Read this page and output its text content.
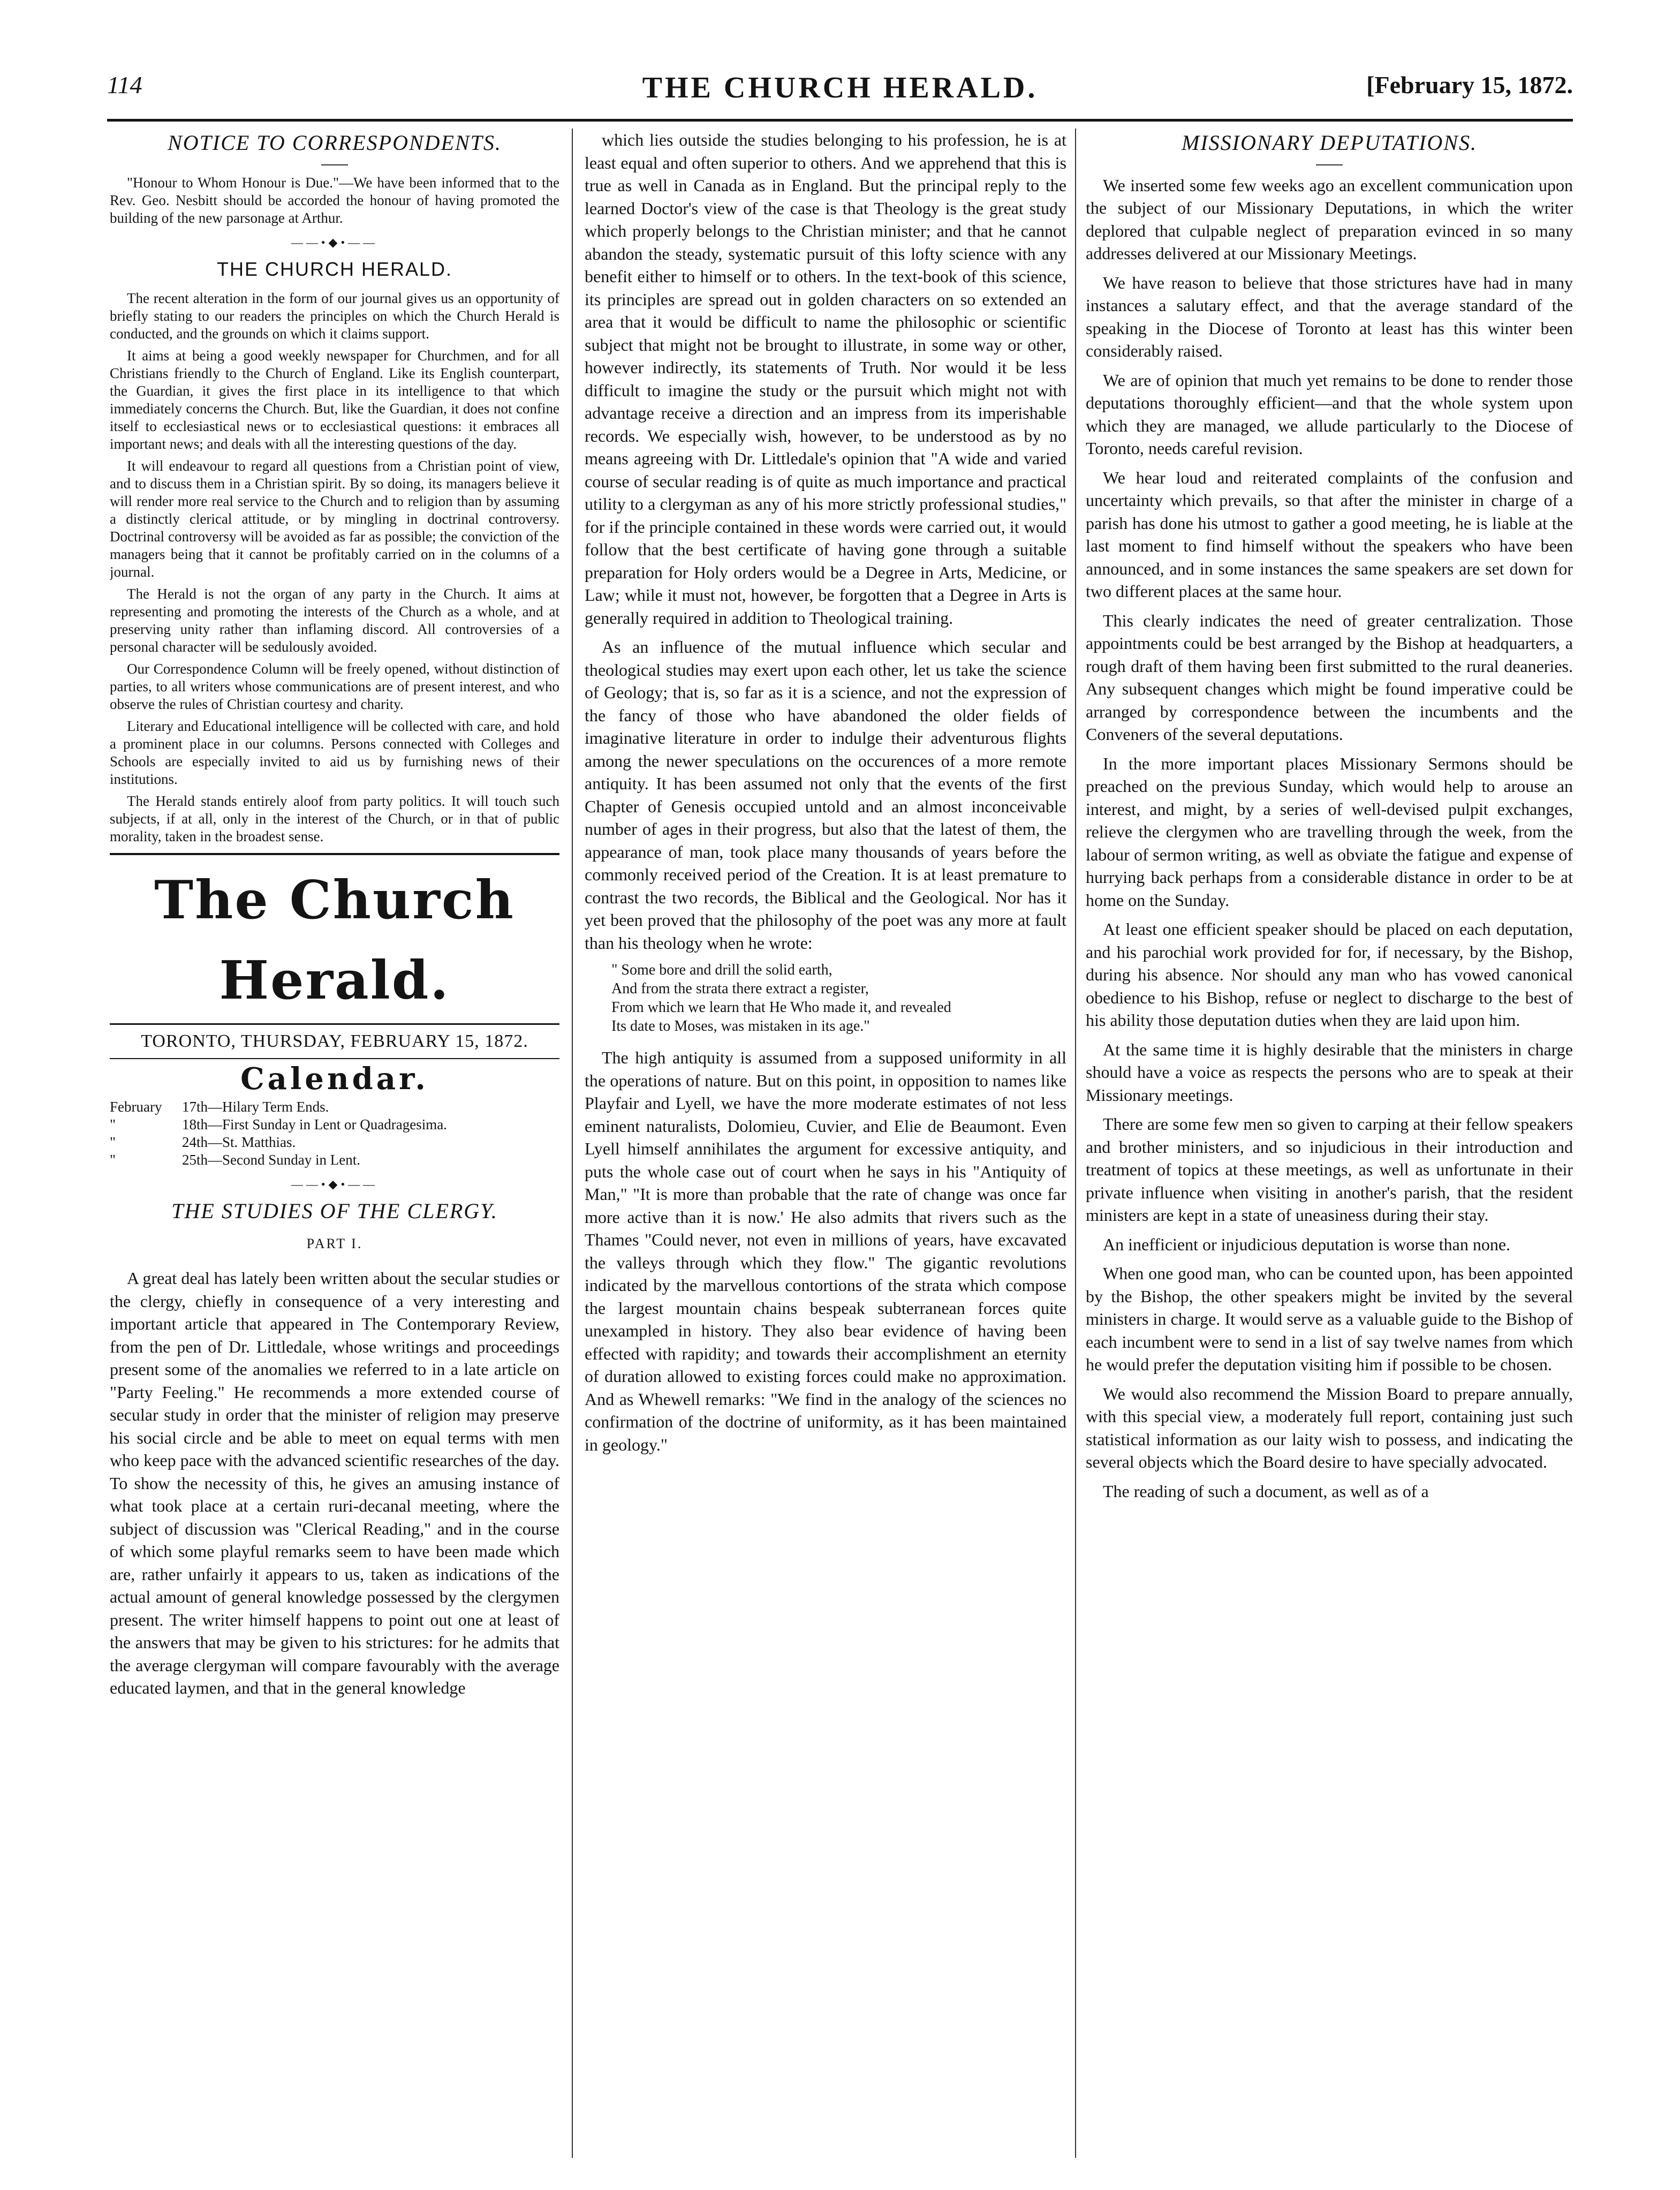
114	THE CHURCH HERALD.	[February 15, 1872.
NOTICE TO CORRESPONDENTS.

"Honour to Whom Honour is Due."—We have been informed that to the Rev. Geo. Nesbitt should be accorded the honour of having promoted the building of the new parsonage at Arthur.

——•◆•——
THE CHURCH HERALD.

The recent alteration in the form of our journal gives us an opportunity of briefly stating to our readers the principles on which the Church Herald is conducted, and the grounds on which it claims support.

It aims at being a good weekly newspaper for Churchmen, and for all Christians friendly to the Church of England. Like its English counterpart, the Guardian, it gives the first place in its intelligence to that which immediately concerns the Church. But, like the Guardian, it does not confine itself to ecclesiastical news or to ecclesiastical questions: it embraces all important news; and deals with all the interesting questions of the day.

It will endeavour to regard all questions from a Christian point of view, and to discuss them in a Christian spirit. By so doing, its managers believe it will render more real service to the Church and to religion than by assuming a distinctly clerical attitude, or by mingling in doctrinal controversy. Doctrinal controversy will be avoided as far as possible; the conviction of the managers being that it cannot be profitably carried on in the columns of a journal.

The Herald is not the organ of any party in the Church. It aims at representing and promoting the interests of the Church as a whole, and at preserving unity rather than inflaming discord. All controversies of a personal character will be sedulously avoided.

Our Correspondence Column will be freely opened, without distinction of parties, to all writers whose communications are of present interest, and who observe the rules of Christian courtesy and charity.

Literary and Educational intelligence will be collected with care, and hold a prominent place in our columns. Persons connected with Colleges and Schools are especially invited to aid us by furnishing news of their institutions.

The Herald stands entirely aloof from party politics. It will touch such subjects, if at all, only in the interest of the Church, or in that of public morality, taken in the broadest sense.

The Church Herald.
TORONTO, THURSDAY, FEBRUARY 15, 1872.
Calendar.
February	17th—Hilary Term Ends.
"	18th—First Sunday in Lent or Quadragesima.
"	24th—St. Matthias.
"	25th—Second Sunday in Lent.
——•◆•——
THE STUDIES OF THE CLERGY.
PART I.

A great deal has lately been written about the secular studies or the clergy, chiefly in consequence of a very interesting and important article that appeared in The Contemporary Review, from the pen of Dr. Littledale, whose writings and proceedings present some of the anomalies we referred to in a late article on "Party Feeling." He recommends a more extended course of secular study in order that the minister of religion may preserve his social circle and be able to meet on equal terms with men who keep pace with the advanced scientific researches of the day. To show the necessity of this, he gives an amusing instance of what took place at a certain ruri-decanal meeting, where the subject of discussion was "Clerical Reading," and in the course of which some playful remarks seem to have been made which are, rather unfairly it appears to us, taken as indications of the actual amount of general knowledge possessed by the clergymen present. The writer himself happens to point out one at least of the answers that may be given to his strictures: for he admits that the average clergyman will compare favourably with the average educated laymen, and that in the general knowledge

which lies outside the studies belonging to his profession, he is at least equal and often superior to others. And we apprehend that this is true as well in Canada as in England. But the principal reply to the learned Doctor's view of the case is that Theology is the great study which properly belongs to the Christian minister; and that he cannot abandon the steady, systematic pursuit of this lofty science with any benefit either to himself or to others. In the text-book of this science, its principles are spread out in golden characters on so extended an area that it would be difficult to name the philosophic or scientific subject that might not be brought to illustrate, in some way or other, however indirectly, its statements of Truth. Nor would it be less difficult to imagine the study or the pursuit which might not with advantage receive a direction and an impress from its imperishable records. We especially wish, however, to be understood as by no means agreeing with Dr. Littledale's opinion that "A wide and varied course of secular reading is of quite as much importance and practical utility to a clergyman as any of his more strictly professional studies," for if the principle contained in these words were carried out, it would follow that the best certificate of having gone through a suitable preparation for Holy orders would be a Degree in Arts, Medicine, or Law; while it must not, however, be forgotten that a Degree in Arts is generally required in addition to Theological training.

As an influence of the mutual influence which secular and theological studies may exert upon each other, let us take the science of Geology; that is, so far as it is a science, and not the expression of the fancy of those who have abandoned the older fields of imaginative literature in order to indulge their adventurous flights among the newer speculations on the occurences of a more remote antiquity. It has been assumed not only that the events of the first Chapter of Genesis occupied untold and an almost inconceivable number of ages in their progress, but also that the latest of them, the appearance of man, took place many thousands of years before the commonly received period of the Creation. It is at least premature to contrast the two records, the Biblical and the Geological. Nor has it yet been proved that the philosophy of the poet was any more at fault than his theology when he wrote:

" Some bore and drill the solid earth,

And from the strata there extract a register,

From which we learn that He Who made it, and revealed

Its date to Moses, was mistaken in its age."

The high antiquity is assumed from a supposed uniformity in all the operations of nature. But on this point, in opposition to names like Playfair and Lyell, we have the more moderate estimates of not less eminent naturalists, Dolomieu, Cuvier, and Elie de Beaumont. Even Lyell himself annihilates the argument for excessive antiquity, and puts the whole case out of court when he says in his "Antiquity of Man," "It is more than probable that the rate of change was once far more active than it is now.' He also admits that rivers such as the Thames "Could never, not even in millions of years, have excavated the valleys through which they flow." The gigantic revolutions indicated by the marvellous contortions of the strata which compose the largest mountain chains bespeak subterranean forces quite unexampled in history. They also bear evidence of having been effected with rapidity; and towards their accomplishment an eternity of duration allowed to existing forces could make no approximation. And as Whewell remarks: "We find in the analogy of the sciences no confirmation of the doctrine of uniformity, as it has been maintained in geology."

MISSIONARY DEPUTATIONS.

We inserted some few weeks ago an excellent communication upon the subject of our Missionary Deputations, in which the writer deplored that culpable neglect of preparation evinced in so many addresses delivered at our Missionary Meetings.

We have reason to believe that those strictures have had in many instances a salutary effect, and that the average standard of the speaking in the Diocese of Toronto at least has this winter been considerably raised.

We are of opinion that much yet remains to be done to render those deputations thoroughly efficient—and that the whole system upon which they are managed, we allude particularly to the Diocese of Toronto, needs careful revision.

We hear loud and reiterated complaints of the confusion and uncertainty which prevails, so that after the minister in charge of a parish has done his utmost to gather a good meeting, he is liable at the last moment to find himself without the speakers who have been announced, and in some instances the same speakers are set down for two different places at the same hour.

This clearly indicates the need of greater centralization. Those appointments could be best arranged by the Bishop at headquarters, a rough draft of them having been first submitted to the rural deaneries. Any subsequent changes which might be found imperative could be arranged by correspondence between the incumbents and the Conveners of the several deputations.

In the more important places Missionary Sermons should be preached on the previous Sunday, which would help to arouse an interest, and might, by a series of well-devised pulpit exchanges, relieve the clergymen who are travelling through the week, from the labour of sermon writing, as well as obviate the fatigue and expense of hurrying back perhaps from a considerable distance in order to be at home on the Sunday.

At least one efficient speaker should be placed on each deputation, and his parochial work provided for for, if necessary, by the Bishop, during his absence. Nor should any man who has vowed canonical obedience to his Bishop, refuse or neglect to discharge to the best of his ability those deputation duties when they are laid upon him.

At the same time it is highly desirable that the ministers in charge should have a voice as respects the persons who are to speak at their Missionary meetings.

There are some few men so given to carping at their fellow speakers and brother ministers, and so injudicious in their introduction and treatment of topics at these meetings, as well as unfortunate in their private influence when visiting in another's parish, that the resident ministers are kept in a state of uneasiness during their stay.

An inefficient or injudicious deputation is worse than none.

When one good man, who can be counted upon, has been appointed by the Bishop, the other speakers might be invited by the several ministers in charge. It would serve as a valuable guide to the Bishop of each incumbent were to send in a list of say twelve names from which he would prefer the deputation visiting him if possible to be chosen.

We would also recommend the Mission Board to prepare annually, with this special view, a moderately full report, containing just such statistical information as our laity wish to possess, and indicating the several objects which the Board desire to have specially advocated.

The reading of such a document, as well as of a
